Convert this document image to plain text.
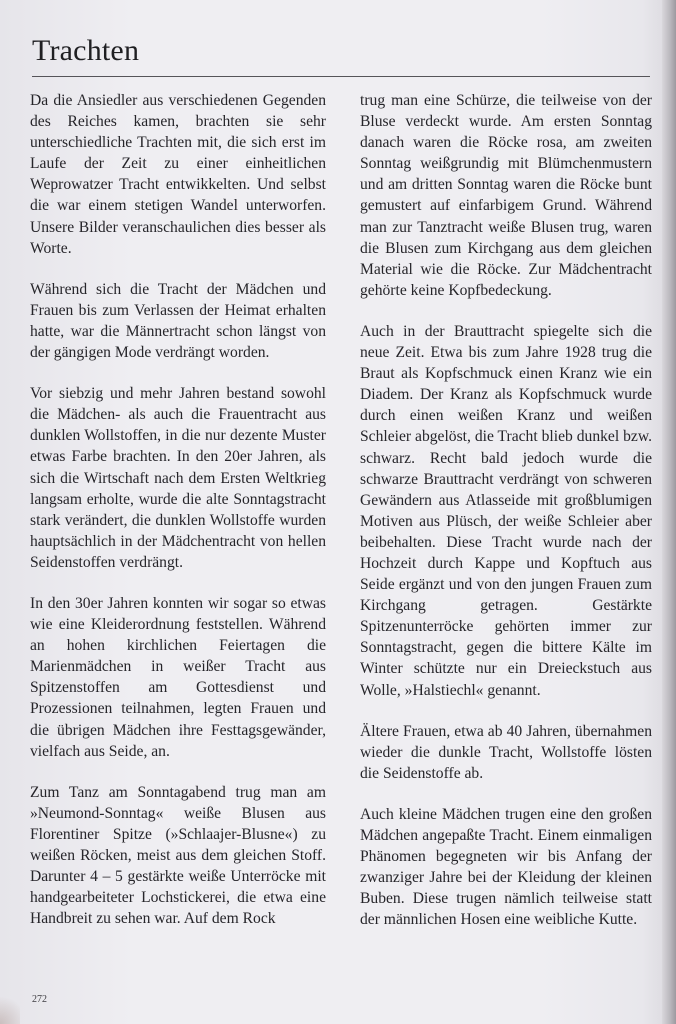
Trachten

Da die Ansiedler aus verschiedenen Gegenden des Reiches kamen, brachten sie sehr unterschiedliche Trachten mit, die sich erst im Laufe der Zeit zu einer einheitlichen Weprowatzer Tracht entwikkelten. Und selbst die war einem stetigen Wandel unterworfen. Unsere Bilder veranschaulichen dies besser als Worte.

Während sich die Tracht der Mädchen und Frauen bis zum Verlassen der Heimat erhalten hatte, war die Männertracht schon längst von der gängigen Mode verdrängt worden.

Vor siebzig und mehr Jahren bestand sowohl die Mädchen- als auch die Frauentracht aus dunklen Wollstoffen, in die nur dezente Muster etwas Farbe brachten. In den 20er Jahren, als sich die Wirtschaft nach dem Ersten Weltkrieg langsam erholte, wurde die alte Sonntagstracht stark verändert, die dunklen Wollstoffe wurden hauptsächlich in der Mädchentracht von hellen Seidenstoffen verdrängt.

In den 30er Jahren konnten wir sogar so etwas wie eine Kleiderordnung feststellen. Während an hohen kirchlichen Feiertagen die Marienmädchen in weißer Tracht aus Spitzenstoffen am Gottesdienst und Prozessionen teilnahmen, legten Frauen und die übrigen Mädchen ihre Festtagsgewänder, vielfach aus Seide, an.

Zum Tanz am Sonntagabend trug man am »Neumond-Sonntag« weiße Blusen aus Florentiner Spitze (»Schlaajer-Blusne«) zu weißen Röcken, meist aus dem gleichen Stoff. Darunter 4 – 5 gestärkte weiße Unterröcke mit handgearbeiteter Lochstickerei, die etwa eine Handbreit zu sehen war. Auf dem Rock

trug man eine Schürze, die teilweise von der Bluse verdeckt wurde. Am ersten Sonntag danach waren die Röcke rosa, am zweiten Sonntag weißgrundig mit Blümchenmustern und am dritten Sonntag waren die Röcke bunt gemustert auf einfarbigem Grund. Während man zur Tanztracht weiße Blusen trug, waren die Blusen zum Kirchgang aus dem gleichen Material wie die Röcke. Zur Mädchentracht gehörte keine Kopfbedeckung.

Auch in der Brauttracht spiegelte sich die neue Zeit. Etwa bis zum Jahre 1928 trug die Braut als Kopfschmuck einen Kranz wie ein Diadem. Der Kranz als Kopfschmuck wurde durch einen weißen Kranz und weißen Schleier abgelöst, die Tracht blieb dunkel bzw. schwarz. Recht bald jedoch wurde die schwarze Brauttracht verdrängt von schweren Gewändern aus Atlasseide mit großblumigen Motiven aus Plüsch, der weiße Schleier aber beibehalten. Diese Tracht wurde nach der Hochzeit durch Kappe und Kopftuch aus Seide ergänzt und von den jungen Frauen zum Kirchgang getragen. Gestärkte Spitzenunterröcke gehörten immer zur Sonntagstracht, gegen die bittere Kälte im Winter schützte nur ein Dreieckstuch aus Wolle, »Halstiechl« genannt.

Ältere Frauen, etwa ab 40 Jahren, übernahmen wieder die dunkle Tracht, Wollstoffe lösten die Seidenstoffe ab.

Auch kleine Mädchen trugen eine den großen Mädchen angepaßte Tracht. Einem einmaligen Phänomen begegneten wir bis Anfang der zwanziger Jahre bei der Kleidung der kleinen Buben. Diese trugen nämlich teilweise statt der männlichen Hosen eine weibliche Kutte.

272
